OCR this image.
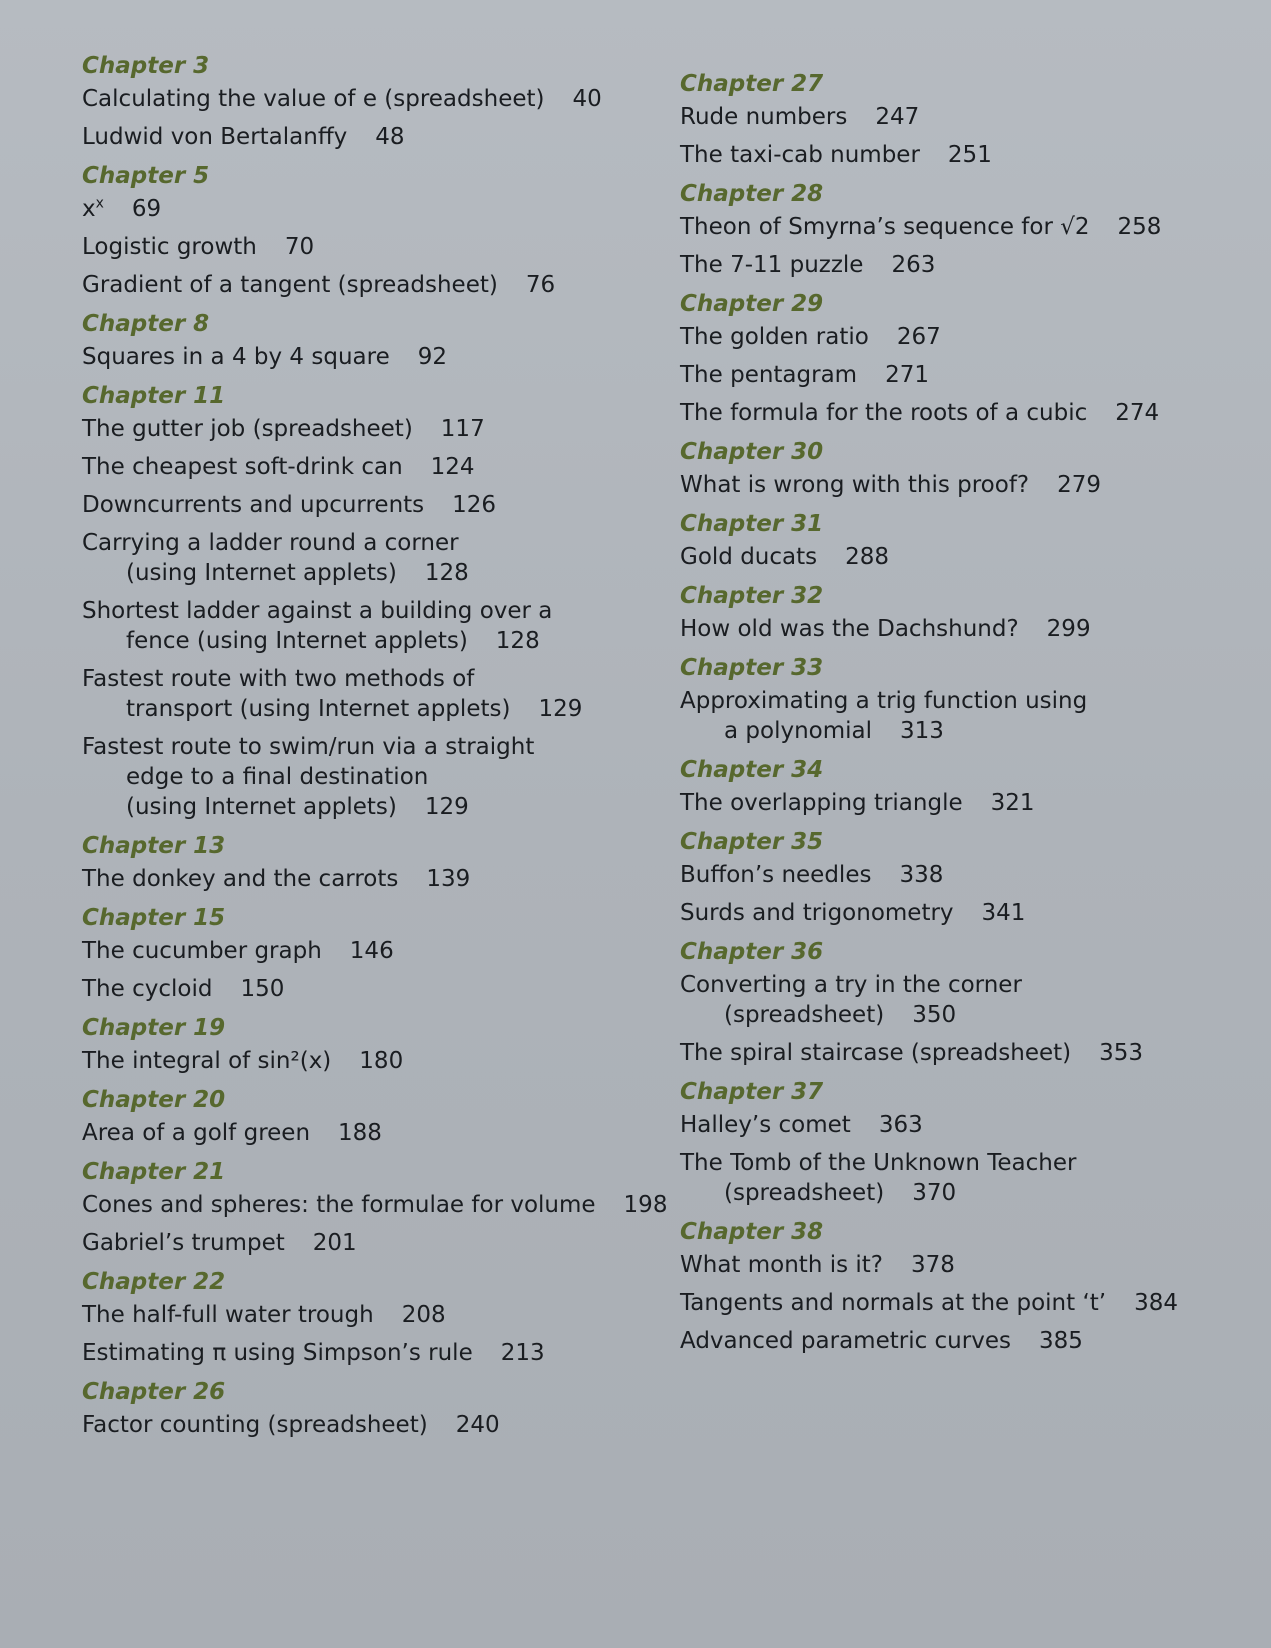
Chapter 3
Calculating the value of e (spreadsheet) 40
Ludwid von Bertalanffy 48
Chapter 5
$x^x$ 69
Logistic growth 70
Gradient of a tangent (spreadsheet) 76
Chapter 8
Squares in a 4 by 4 square 92
Chapter 11
The gutter job (spreadsheet) 117
The cheapest soft-drink can 124
Downcurrents and upcurrents 126
Carrying a ladder round a corner
(using Internet applets) 128
Shortest ladder against a building over a
fence (using Internet applets) 128
Fastest route with two methods of
transport (using Internet applets) 129
Fastest route to swim/run via a straight
edge to a final destination
(using Internet applets) 129
Chapter 13
The donkey and the carrots 139
Chapter 15
The cucumber graph 146
The cycloid 150
Chapter 19
The integral of sin²(x) 180
Chapter 20
Area of a golf green 188
Chapter 21
Cones and spheres: the formulae for volume 198
Gabriel’s trumpet 201
Chapter 22
The half-full water trough 208
Estimating π using Simpson’s rule 213
Chapter 26
Factor counting (spreadsheet) 240
Chapter 27
Rude numbers 247
The taxi-cab number 251
Chapter 28
Theon of Smyrna’s sequence for √2 258
The 7-11 puzzle 263
Chapter 29
The golden ratio 267
The pentagram 271
The formula for the roots of a cubic 274
Chapter 30
What is wrong with this proof? 279
Chapter 31
Gold ducats 288
Chapter 32
How old was the Dachshund? 299
Chapter 33
Approximating a trig function using
a polynomial 313
Chapter 34
The overlapping triangle 321
Chapter 35
Buffon’s needles 338
Surds and trigonometry 341
Chapter 36
Converting a try in the corner
(spreadsheet) 350
The spiral staircase (spreadsheet) 353
Chapter 37
Halley’s comet 363
The Tomb of the Unknown Teacher
(spreadsheet) 370
Chapter 38
What month is it? 378
Tangents and normals at the point ‘t’ 384
Advanced parametric curves 385
